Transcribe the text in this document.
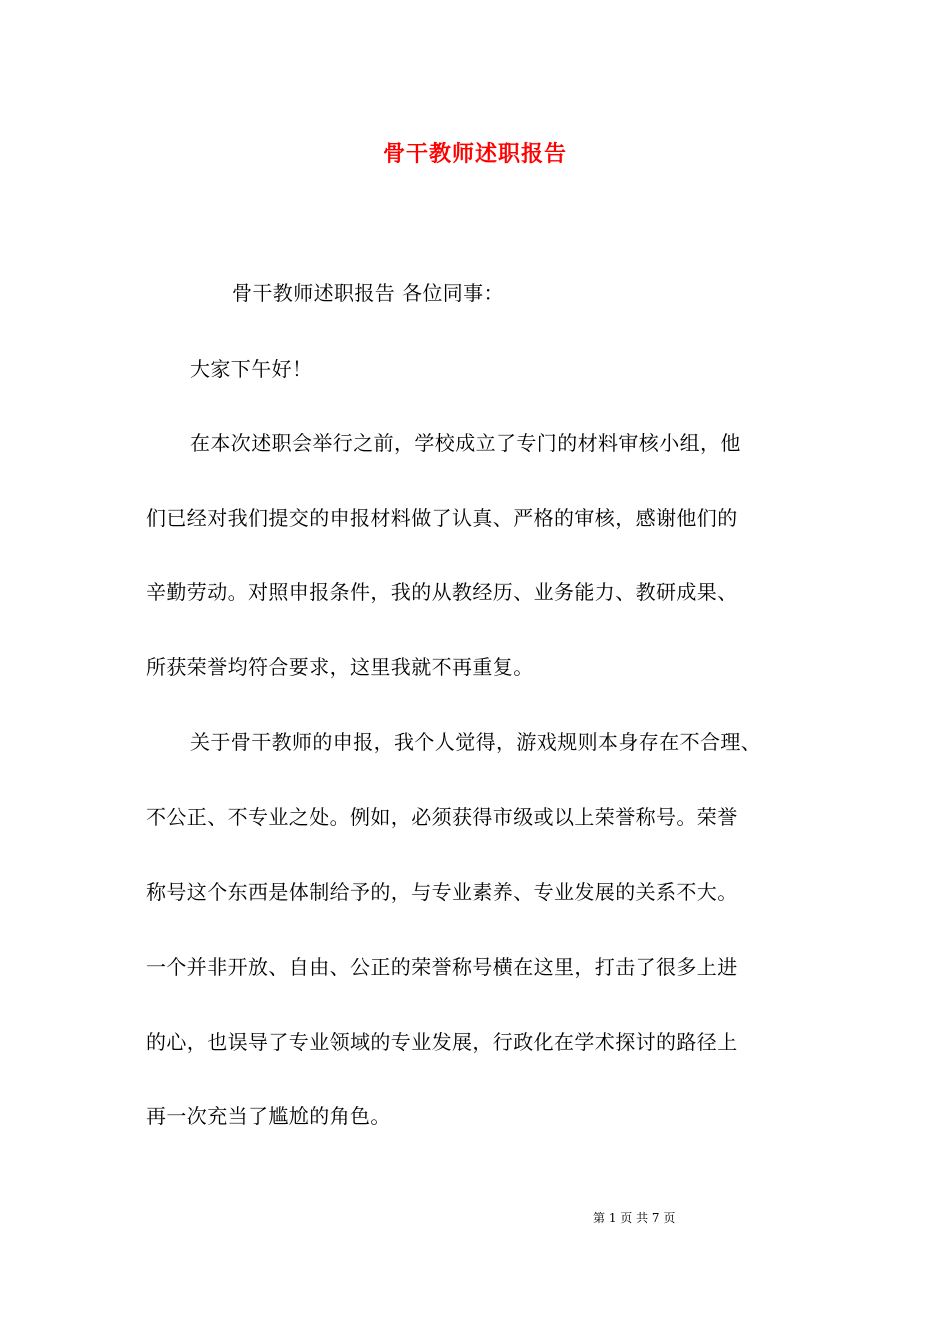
骨干教师述职报告
骨干教师述职报告 各位同事：
大家下午好！
在本次述职会举行之前，学校成立了专门的材料审核小组，他
们已经对我们提交的申报材料做了认真、严格的审核，感谢他们的
辛勤劳动。对照申报条件，我的从教经历、业务能力、教研成果、
所获荣誉均符合要求，这里我就不再重复。
关于骨干教师的申报，我个人觉得，游戏规则本身存在不合理、
不公正、不专业之处。例如，必须获得市级或以上荣誉称号。荣誉
称号这个东西是体制给予的，与专业素养、专业发展的关系不大。
一个并非开放、自由、公正的荣誉称号横在这里，打击了很多上进
的心，也误导了专业领域的专业发展，行政化在学术探讨的路径上
再一次充当了尴尬的角色。
第 1 页 共 7 页
